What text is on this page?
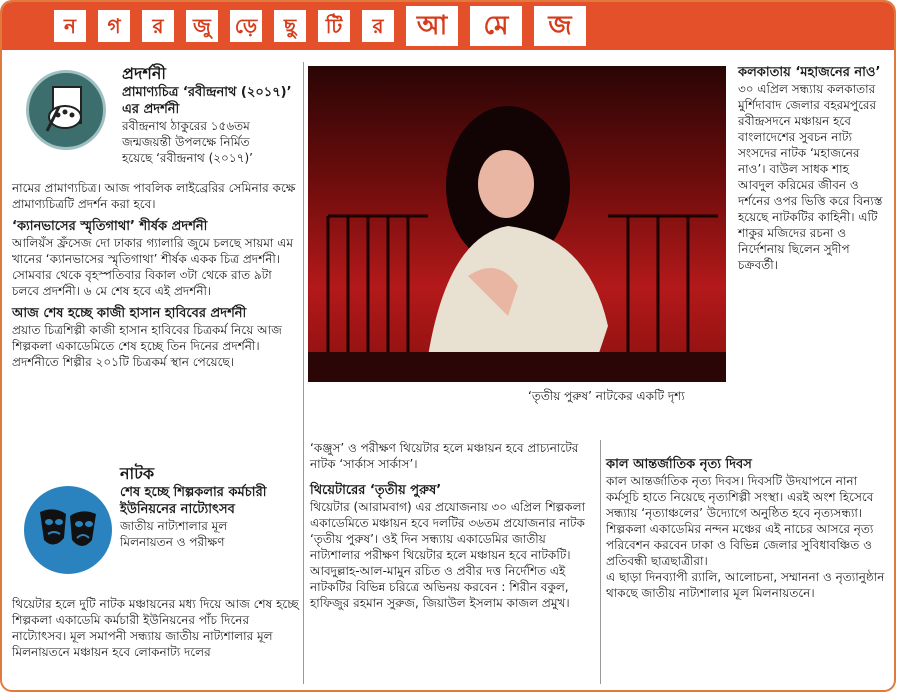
ন	গ	র	জু	ড়ে	ছু	টি	র	আ	মে	জ
প্রদর্শনী
প্রামাণ্যচিত্র ‘রবীন্দ্রনাথ (২০১৭)’ এর প্রদর্শনী
রবীন্দ্রনাথ ঠাকুরের ১৫৬তম
জন্মজয়ন্তী উপলক্ষে নির্মিত
হয়েছে ‘রবীন্দ্রনাথ (২০১৭)’

নামের প্রামাণ্যচিত্র। আজ পাবলিক লাইব্রেরির সেমিনার কক্ষে প্রামাণ্যচিত্রটি প্রদর্শন করা হবে।

‘ক্যানভাসের স্মৃতিগাথা’ শীর্ষক প্রদর্শনী

আলিয়ঁস ফ্রঁসেজ দো ঢাকার গ্যালারি জুমে চলছে সায়মা এম খানের ‘ক্যানভাসের স্মৃতিগাথা’ শীর্ষক একক চিত্র প্রদর্শনী। সোমবার থেকে বৃহস্পতিবার বিকাল ৩টা থেকে রাত ৯টা চলবে প্রদর্শনী। ৬ মে শেষ হবে এই প্রদর্শনী।

আজ শেষ হচ্ছে কাজী হাসান হাবিবের প্রদর্শনী

প্রয়াত চিত্রশিল্পী কাজী হাসান হাবিবের চিত্রকর্ম নিয়ে আজ শিল্পকলা একাডেমিতে শেষ হচ্ছে তিন দিনের প্রদর্শনী। প্রদর্শনীতে শিল্পীর ২০১টি চিত্রকর্ম স্থান পেয়েছে।

নাটক
শেষ হচ্ছে শিল্পকলার কর্মচারী ইউনিয়নের নাট্যোৎসব
জাতীয় নাট্যশালার মূল
মিলনায়তন ও পরীক্ষণ

থিয়েটার হলে দুটি নাটক মঞ্চায়নের মধ্য দিয়ে আজ শেষ হচ্ছে শিল্পকলা একাডেমি কর্মচারী ইউনিয়নের পাঁচ দিনের নাট্যোৎসব। মূল সমাপনী সন্ধ্যায় জাতীয় নাট্যশালার মূল মিলনায়তনে মঞ্চায়ন হবে লোকনাট্য দলের

‘তৃতীয় পুরুষ’ নাটকের একটি দৃশ্য
কলকাতায় ‘মহাজনের নাও’

৩০ এপ্রিল সন্ধ্যায় কলকাতার মুর্শিদাবাদ জেলার বহরমপুরের রবীন্দ্রসদনে মঞ্চায়ন হবে বাংলাদেশের সুবচন নাট্য সংসদের নাটক ‘মহাজনের নাও’। বাউল সাধক শাহ আবদুল করিমের জীবন ও দর্শনের ওপর ভিত্তি করে বিন্যস্ত হয়েছে নাটকটির কাহিনী। এটি শাকুর মজিদের রচনা ও নির্দেশনায় ছিলেন সুদীপ চক্রবর্তী।

‘কঞ্জুস’ ও পরীক্ষণ থিয়েটার হলে মঞ্চায়ন হবে প্রাচ্যনাটের নাটক ‘সার্কাস সার্কাস’।

থিয়েটারের ‘তৃতীয় পুরুষ’

থিয়েটার (আরামবাগ) এর প্রযোজনায় ৩০ এপ্রিল শিল্পকলা একাডেমিতে মঞ্চায়ন হবে দলটির ৩৬তম প্রযোজনার নাটক ‘তৃতীয় পুরুষ’। ওই দিন সন্ধ্যায় একাডেমির জাতীয় নাট্যশালার পরীক্ষণ থিয়েটার হলে মঞ্চায়ন হবে নাটকটি। আবদুল্লাহ-আল-মামুন রচিত ও প্রবীর দত্ত নির্দেশিত এই নাটকটির বিভিন্ন চরিত্রে অভিনয় করবেন : শিরীন বকুল, হাফিজুর রহমান সুরুজ, জিয়াউল ইসলাম কাজল প্রমুখ।

কাল আন্তর্জাতিক নৃত্য দিবস

কাল আন্তর্জাতিক নৃত্য দিবস। দিবসটি উদযাপনে নানা কর্মসূচি হাতে নিয়েছে নৃত্যশিল্পী সংস্থা। এরই অংশ হিসেবে সন্ধ্যায় ‘নৃত্যাঞ্চলের’ উদ্যোগে অনুষ্ঠিত হবে নৃত্যসন্ধ্যা। শিল্পকলা একাডেমির নন্দন মঞ্চের এই নাচের আসরে নৃত্য পরিবেশন করবেন ঢাকা ও বিভিন্ন জেলার সুবিধাবঞ্চিত ও প্রতিবন্ধী ছাত্রছাত্রীরা।

এ ছাড়া দিনব্যাপী র‍্যালি, আলোচনা, সম্মাননা ও নৃত্যানুষ্ঠান থাকছে জাতীয় নাট্যশালার মূল মিলনায়তনে।
